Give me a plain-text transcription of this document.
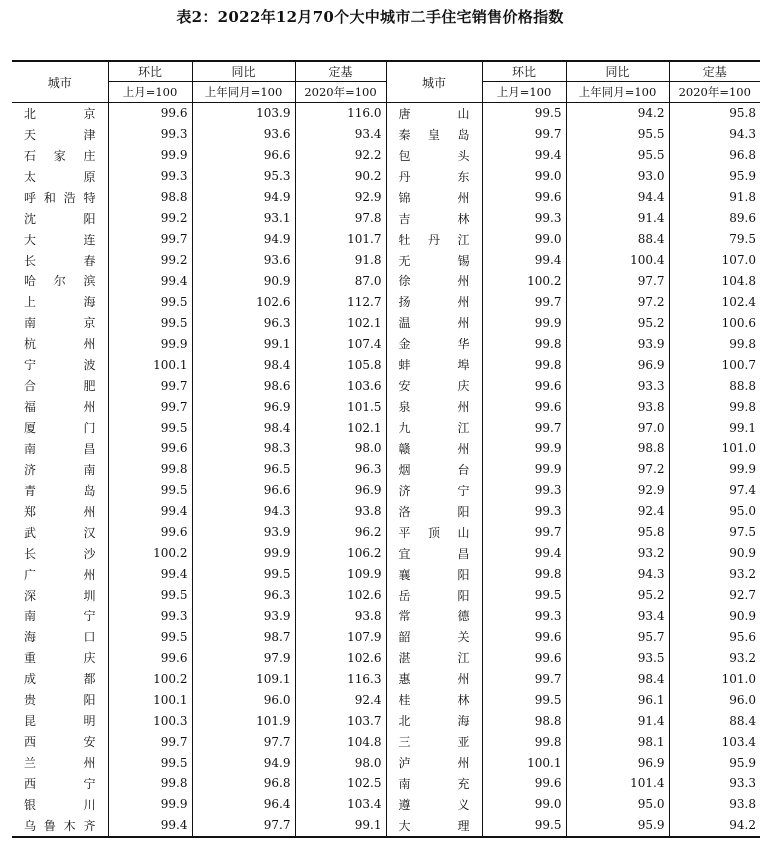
表2：2022年12月70个大中城市二手住宅销售价格指数
城市	环比	同比	定基	城市	环比	同比	定基
	上月=100	上年同月=100	2020年=100		上月=100	上年同月=100	2020年=100

北 京	99.6	103.9	116.0	唐 山	99.5	94.2	95.8

天 津	99.3	93.6	93.4	秦 皇 岛	99.7	95.5	94.3

石 家 庄	99.9	96.6	92.2	包 头	99.4	95.5	96.8

太 原	99.3	95.3	90.2	丹 东	99.0	93.0	95.9

呼 和 浩 特	98.8	94.9	92.9	锦 州	99.6	94.4	91.8

沈 阳	99.2	93.1	97.8	吉 林	99.3	91.4	89.6

大 连	99.7	94.9	101.7	牡 丹 江	99.0	88.4	79.5

长 春	99.2	93.6	91.8	无 锡	99.4	100.4	107.0

哈 尔 滨	99.4	90.9	87.0	徐 州	100.2	97.7	104.8

上 海	99.5	102.6	112.7	扬 州	99.7	97.2	102.4

南 京	99.5	96.3	102.1	温 州	99.9	95.2	100.6

杭 州	99.9	99.1	107.4	金 华	99.8	93.9	99.8

宁 波	100.1	98.4	105.8	蚌 埠	99.8	96.9	100.7

合 肥	99.7	98.6	103.6	安 庆	99.6	93.3	88.8

福 州	99.7	96.9	101.5	泉 州	99.6	93.8	99.8

厦 门	99.5	98.4	102.1	九 江	99.7	97.0	99.1

南 昌	99.6	98.3	98.0	赣 州	99.9	98.8	101.0

济 南	99.8	96.5	96.3	烟 台	99.9	97.2	99.9

青 岛	99.5	96.6	96.9	济 宁	99.3	92.9	97.4

郑 州	99.4	94.3	93.8	洛 阳	99.3	92.4	95.0

武 汉	99.6	93.9	96.2	平 顶 山	99.7	95.8	97.5

长 沙	100.2	99.9	106.2	宜 昌	99.4	93.2	90.9

广 州	99.4	99.5	109.9	襄 阳	99.8	94.3	93.2

深 圳	99.5	96.3	102.6	岳 阳	99.5	95.2	92.7

南 宁	99.3	93.9	93.8	常 德	99.3	93.4	90.9

海 口	99.5	98.7	107.9	韶 关	99.6	95.7	95.6

重 庆	99.6	97.9	102.6	湛 江	99.6	93.5	93.2

成 都	100.2	109.1	116.3	惠 州	99.7	98.4	101.0

贵 阳	100.1	96.0	92.4	桂 林	99.5	96.1	96.0

昆 明	100.3	101.9	103.7	北 海	98.8	91.4	88.4

西 安	99.7	97.7	104.8	三 亚	99.8	98.1	103.4

兰 州	99.5	94.9	98.0	泸 州	100.1	96.9	95.9

西 宁	99.8	96.8	102.5	南 充	99.6	101.4	93.3

银 川	99.9	96.4	103.4	遵 义	99.0	95.0	93.8

乌 鲁 木 齐	99.4	97.7	99.1	大 理	99.5	95.9	94.2
